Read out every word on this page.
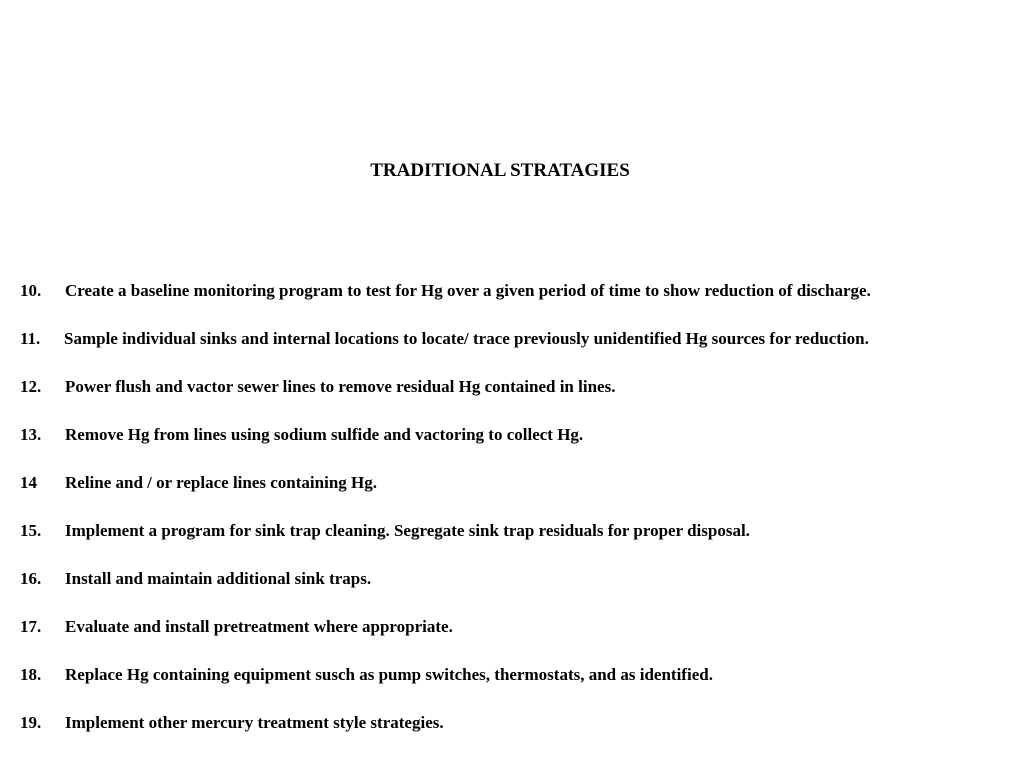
TRADITIONAL STRATAGIES
10. Create a baseline monitoring program to test for Hg over a given period of time to show reduction of discharge.
11. Sample individual sinks and internal locations to locate/ trace previously unidentified Hg sources for reduction.
12. Power flush and vactor sewer lines to remove residual Hg contained in lines.
13. Remove Hg from lines using sodium sulfide and vactoring to collect Hg.
14 Reline and / or replace lines containing Hg.
15. Implement a program for sink trap cleaning. Segregate sink trap residuals for proper disposal.
16. Install and maintain additional sink traps.
17. Evaluate and install pretreatment where appropriate.
18. Replace Hg containing equipment susch as pump switches, thermostats, and as identified.
19. Implement other mercury treatment style strategies.
